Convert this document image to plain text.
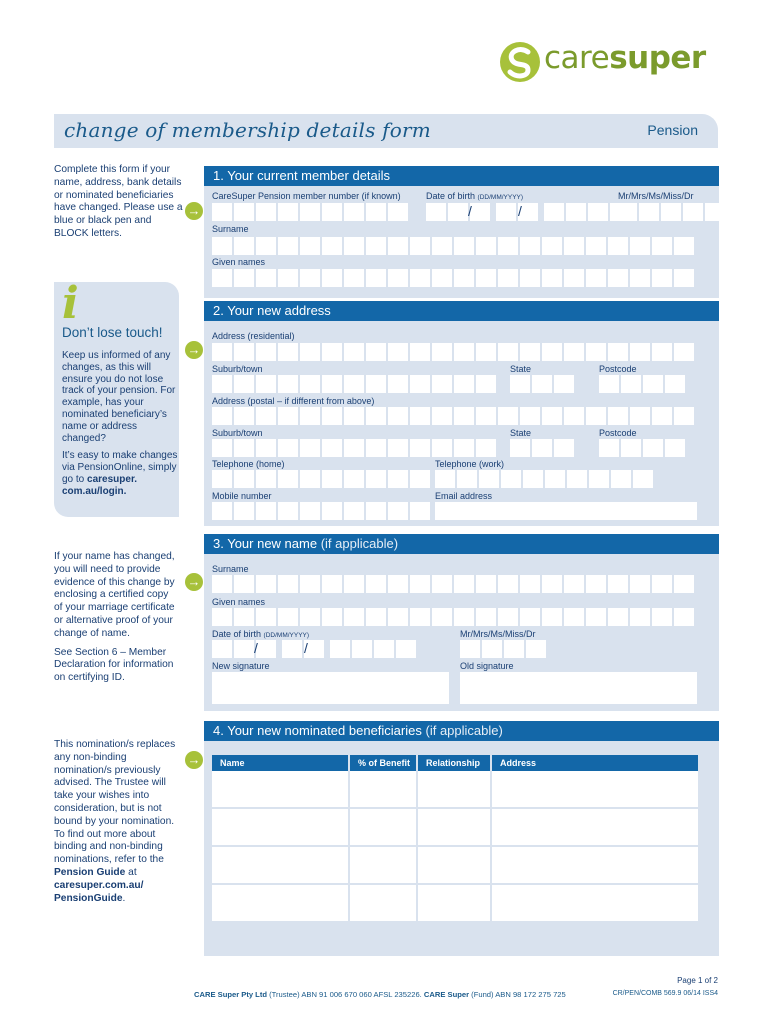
caresuper
change of membership details form	Pension
Complete this form if your name, address, bank details or nominated beneficiaries have changed. Please use a blue or black pen and BLOCK letters.
→
i
Don’t lose touch!

Keep us informed of any changes, as this will ensure you do not lose track of your pension. For example, has your nominated beneficiary’s name or address changed?

It’s easy to make changes via PensionOnline, simply go to caresuper. com.au/login.

→

If your name has changed, you will need to provide evidence of this change by enclosing a certified copy of your marriage certificate or alternative proof of your change of name.

See Section 6 – Member Declaration for information on certifying ID.

→
This nomination/s replaces any non-binding nomination/s previously advised. The Trustee will take your wishes into consideration, but is not bound by your nomination. To find out more about binding and non-binding nominations, refer to the Pension Guide at caresuper.com.au/ PensionGuide.
→
1. Your current member details
CareSuper Pension member number (if known)	Date of birth (DD/MM/YYYY)	Mr/Mrs/Ms/Miss/Dr
/	/
Surname
Given names
2. Your new address
Address (residential)
Suburb/town	State	Postcode
Address (postal – if different from above)
Suburb/town	State	Postcode
Telephone (home)	Telephone (work)
Mobile number	Email address
3. Your new name (if applicable)
Surname
Given names
Date of birth (DD/MM/YYYY)	Mr/Mrs/Ms/Miss/Dr
/	/
New signature	Old signature
4. Your new nominated beneficiaries (if applicable)
Name	% of Benefit	Relationship	Address
Page 1 of 2
CARE Super Pty Ltd (Trustee) ABN 91 006 670 060 AFSL 235226. CARE Super (Fund) ABN 98 172 275 725	CR/PEN/COMB 569.9 06/14 ISS4
